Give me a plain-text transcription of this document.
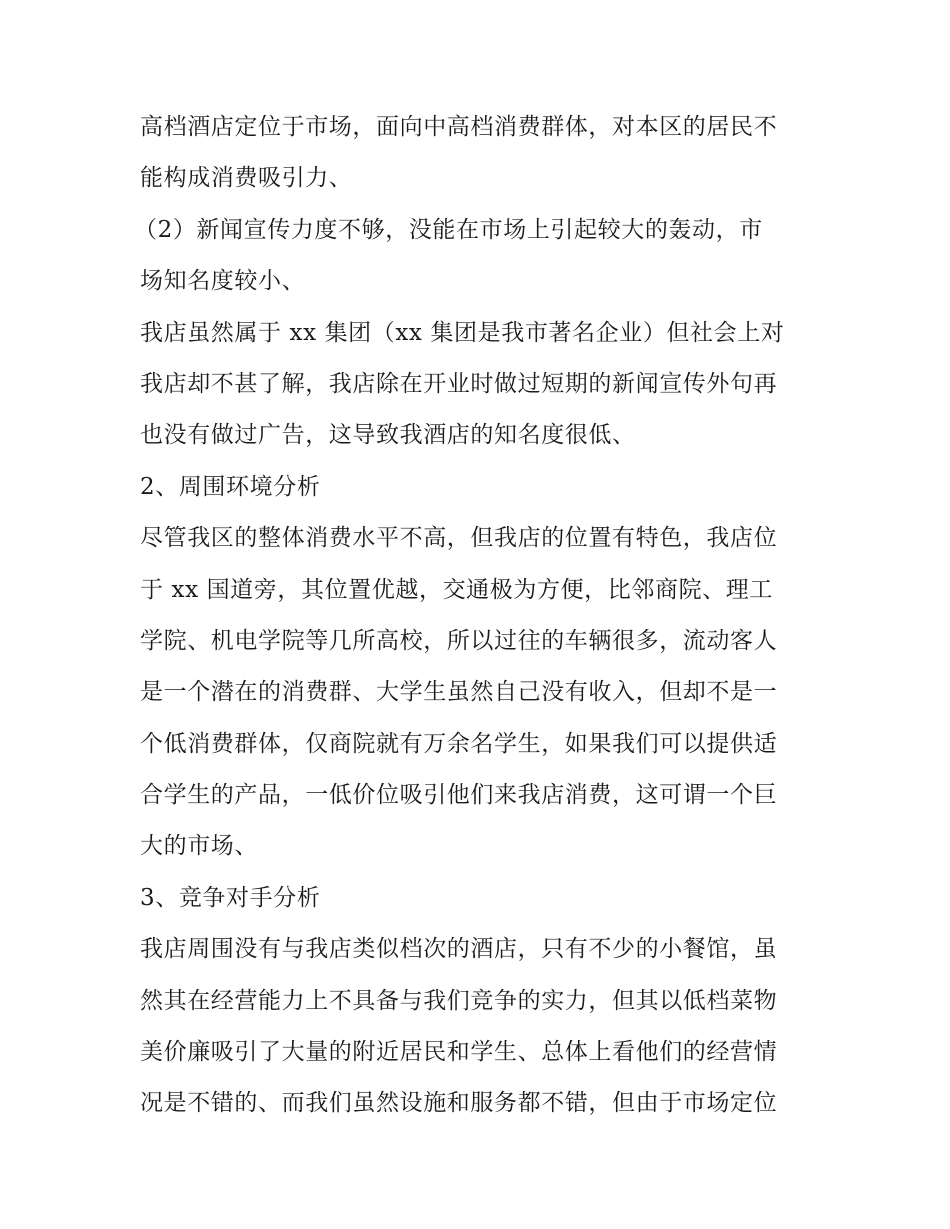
高档酒店定位于市场，面向中高档消费群体，对本区的居民不
能构成消费吸引力、
（2）新闻宣传力度不够，没能在市场上引起较大的轰动，市
场知名度较小、
我店虽然属于 xx 集团（xx 集团是我市著名企业）但社会上对
我店却不甚了解，我店除在开业时做过短期的新闻宣传外句再
也没有做过广告，这导致我酒店的知名度很低、
2、周围环境分析
尽管我区的整体消费水平不高，但我店的位置有特色，我店位
于 xx 国道旁，其位置优越，交通极为方便，比邻商院、理工
学院、机电学院等几所高校，所以过往的车辆很多，流动客人
是一个潜在的消费群、大学生虽然自己没有收入，但却不是一
个低消费群体，仅商院就有万余名学生，如果我们可以提供适
合学生的产品，一低价位吸引他们来我店消费，这可谓一个巨
大的市场、
3、竞争对手分析
我店周围没有与我店类似档次的酒店，只有不少的小餐馆，虽
然其在经营能力上不具备与我们竞争的实力，但其以低档菜物
美价廉吸引了大量的附近居民和学生、总体上看他们的经营情
况是不错的、而我们虽然设施和服务都不错，但由于市场定位
